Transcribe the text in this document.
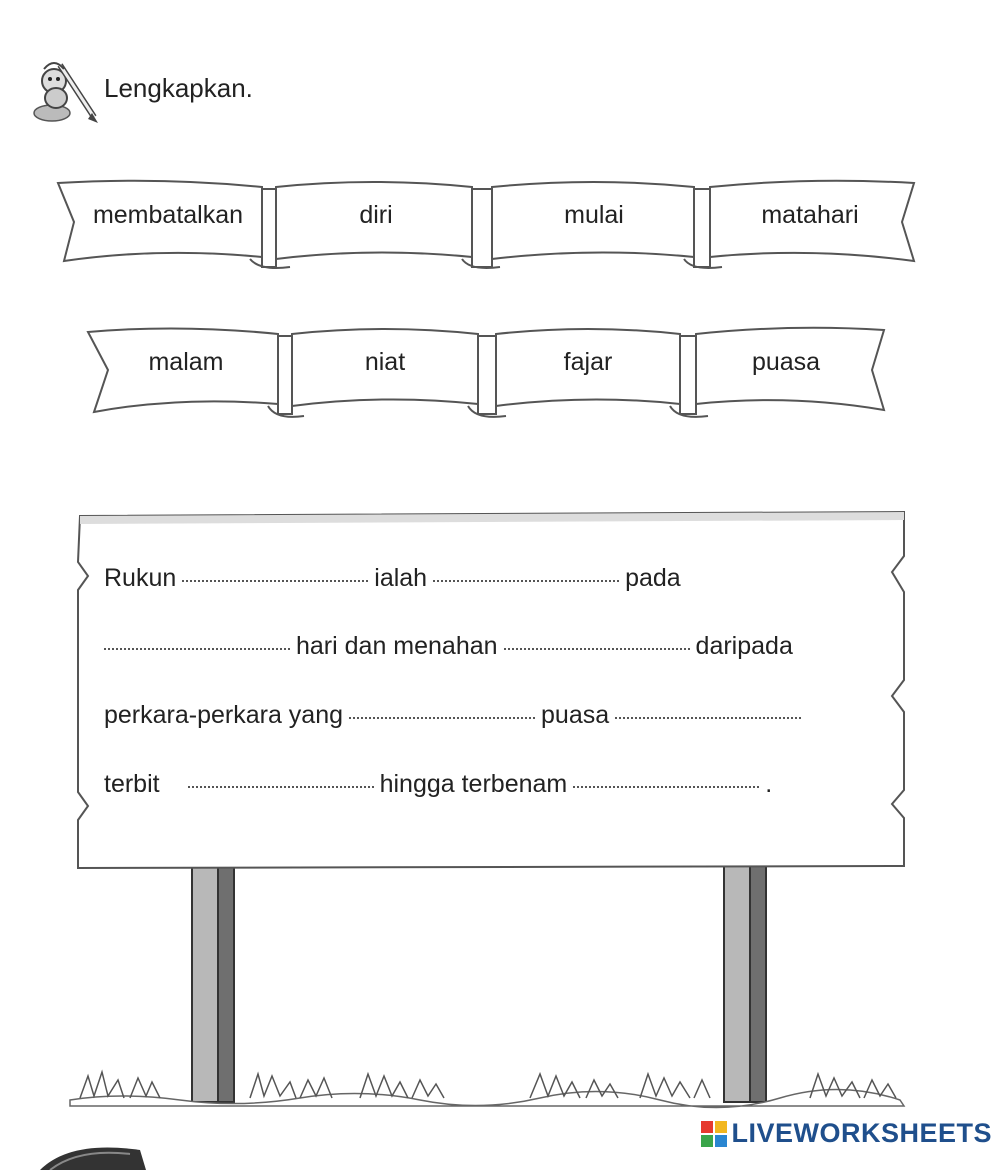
Lengkapkan.
membatalkan	diri	mulai	matahari
malam	niat	fajar	puasa
Rukun	ialah	pada
hari dan menahan	daripada
perkara-perkara yang	puasa
terbit	hingga terbenam	.
LIVEWORKSHEETS
